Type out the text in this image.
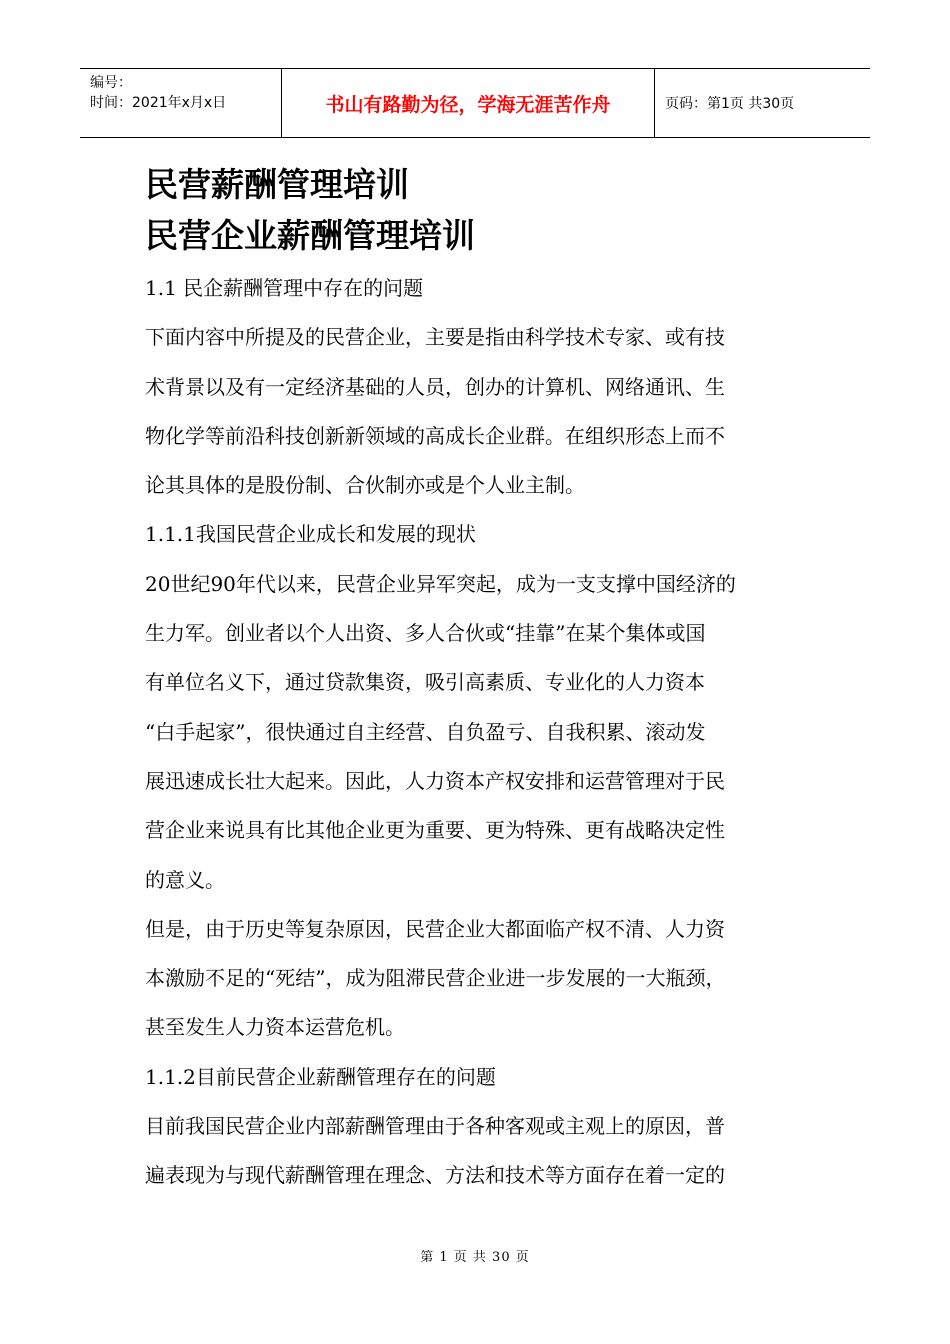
编号：
时间：2021年x月x日	书山有路勤为径，学海无涯苦作舟	页码：第1页 共30页
民营薪酬管理培训
民营企业薪酬管理培训
1.1 民企薪酬管理中存在的问题
下面内容中所提及的民营企业，主要是指由科学技术专家、或有技
术背景以及有一定经济基础的人员，创办的计算机、网络通讯、生
物化学等前沿科技创新新领域的高成长企业群。在组织形态上而不
论其具体的是股份制、合伙制亦或是个人业主制。
1.1.1我国民营企业成长和发展的现状
20世纪90年代以来，民营企业异军突起，成为一支支撑中国经济的
生力军。创业者以个人出资、多人合伙或“挂靠”在某个集体或国
有单位名义下，通过贷款集资，吸引高素质、专业化的人力资本
“白手起家”，很快通过自主经营、自负盈亏、自我积累、滚动发
展迅速成长壮大起来。因此，人力资本产权安排和运营管理对于民
营企业来说具有比其他企业更为重要、更为特殊、更有战略决定性
的意义。
但是，由于历史等复杂原因，民营企业大都面临产权不清、人力资
本激励不足的“死结”，成为阻滞民营企业进一步发展的一大瓶颈，
甚至发生人力资本运营危机。
1.1.2目前民营企业薪酬管理存在的问题
目前我国民营企业内部薪酬管理由于各种客观或主观上的原因，普
遍表现为与现代薪酬管理在理念、方法和技术等方面存在着一定的
第 1 页 共 30 页
